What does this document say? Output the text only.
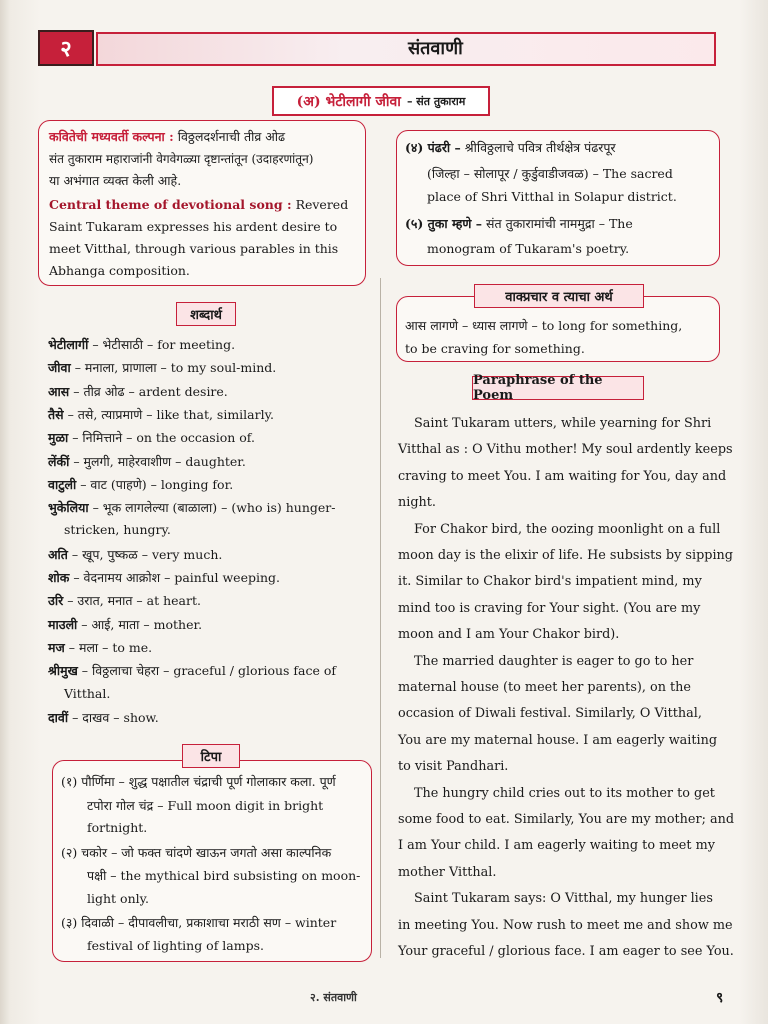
२	संतवाणी
(अ) भेटीलागी जीवा – संत तुकाराम

कवितेची मध्यवर्ती कल्पना : विठ्ठलदर्शनाची तीव्र ओढ

संत तुकाराम महाराजांनी वेगवेगळ्या दृष्टान्तांतून (उदाहरणांतून)

या अभंगात व्यक्त केली आहे.

Central theme of devotional song : Revered

Saint Tukaram expresses his ardent desire to

meet Vitthal, through various parables in this

Abhanga composition.

(४) पंढरी – श्रीविठ्ठलाचे पवित्र तीर्थक्षेत्र पंढरपूर
(जिल्हा – सोलापूर / कुर्डुवाडीजवळ) – The sacred
place of Shri Vitthal in Solapur district.
(५) तुका म्हणे – संत तुकारामांची नाममुद्रा – The
monogram of Tukaram's poetry.
शब्दार्थ
भेटीलागीं – भेटीसाठी – for meeting.
जीवा – मनाला, प्राणाला – to my soul-mind.
आस – तीव्र ओढ – ardent desire.
तैसे – तसे, त्याप्रमाणे – like that, similarly.
मुळा – निमित्ताने – on the occasion of.
लेंकीं – मुलगी, माहेरवाशीण – daughter.
वाटुली – वाट (पाहणे) – longing for.
भुकेलिया – भूक लागलेल्या (बाळाला) – (who is) hunger-
stricken, hungry.
अति – खूप, पुष्कळ – very much.
शोक – वेदनामय आक्रोश – painful weeping.
उरि – उरात, मनात – at heart.
माउली – आई, माता – mother.
मज – मला – to me.
श्रीमुख – विठ्ठलाचा चेहरा – graceful / glorious face of
Vitthal.
दावीं – दाखव – show.
वाक्प्रचार व त्याचा अर्थ
आस लागणे – ध्यास लागणे – to long for something,
to be craving for something.
Paraphrase of the Poem
Saint Tukaram utters, while yearning for Shri
Vitthal as : O Vithu mother! My soul ardently keeps
craving to meet You. I am waiting for You, day and
night.
For Chakor bird, the oozing moonlight on a full
moon day is the elixir of life. He subsists by sipping
it. Similar to Chakor bird's impatient mind, my
mind too is craving for Your sight. (You are my
moon and I am Your Chakor bird).
The married daughter is eager to go to her
maternal house (to meet her parents), on the
occasion of Diwali festival. Similarly, O Vitthal,
You are my maternal house. I am eagerly waiting
to visit Pandhari.
The hungry child cries out to its mother to get
some food to eat. Similarly, You are my mother; and
I am Your child. I am eagerly waiting to meet my
mother Vitthal.
Saint Tukaram says: O Vitthal, my hunger lies
in meeting You. Now rush to meet me and show me
Your graceful / glorious face. I am eager to see You.
टिपा
(१) पौर्णिमा – शुद्ध पक्षातील चंद्राची पूर्ण गोलाकार कला. पूर्ण
टपोरा गोल चंद्र – Full moon digit in bright
fortnight.
(२) चकोर – जो फक्त चांदणे खाऊन जगतो असा काल्पनिक
पक्षी – the mythical bird subsisting on moon-
light only.
(३) दिवाळी – दीपावलीचा, प्रकाशाचा मराठी सण – winter
festival of lighting of lamps.
२. संतवाणी	९
